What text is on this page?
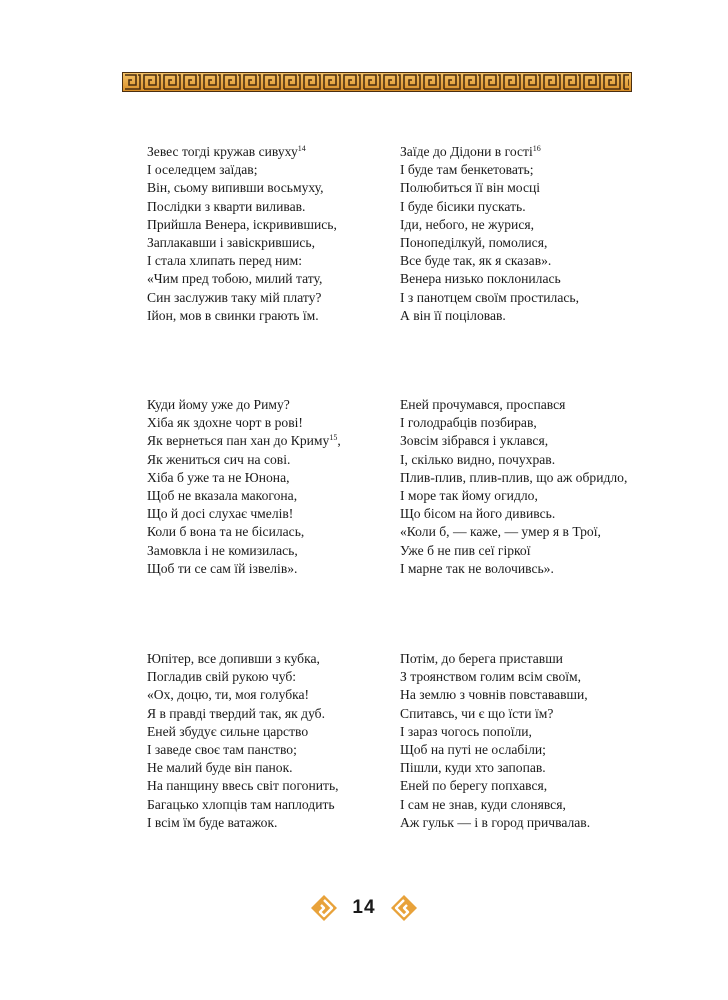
Зевес тогді кружав сивуху$^{14}$
І оселедцем заїдав;
Він, сьому випивши восьмуху,
Послідки з кварти виливав.
Прийшла Венера, іскривившись,
Заплакавши і завіскрившись,
І стала хлипать перед ним:
«Чим пред тобою, милий тату,
Син заслужив таку мій плату?
Ійон, мов в свинки грають їм.
Заїде до Дідони в гості$^{16}$
І буде там бенкетовать;
Полюбиться її він мосці
І буде бісики пускать.
Іди, небого, не журися,
Понопеділкуй, помолися,
Все буде так, як я сказав».
Венера низько поклонилась
І з панотцем своїм простилась,
А він її поціловав.
Куди йому уже до Риму?
Хіба як здохне чорт в рові!
Як вернеться пан хан до Криму$^{15}$,
Як жениться сич на сові.
Хіба б уже та не Юнона,
Щоб не вказала макогона,
Що й досі слухає чмелів!
Коли б вона та не бісилась,
Замовкла і не комизилась,
Щоб ти се сам їй ізвелів».
Еней прочумався, проспався
І голодрабців позбирав,
Зовсім зібрався і уклався,
І, скілько видно, почухрав.
Плив-плив, плив-плив, що аж обридло,
І море так йому огидло,
Що бісом на його дививсь.
«Коли б, — каже, — умер я в Трої,
Уже б не пив сеї гіркої
І марне так не волочивсь».
Юпітер, все допивши з кубка,
Погладив свій рукою чуб:
«Ох, доцю, ти, моя голубка!
Я в правді твердий так, як дуб.
Еней збудує сильне царство
І заведе своє там панство;
Не малий буде він панок.
На панщину ввесь світ погонить,
Багацько хлопців там наплодить
І всім їм буде ватажок.
Потім, до берега приставши
З троянством голим всім своїм,
На землю з човнів повстававши,
Спитавсь, чи є що їсти їм?
І зараз чогось попоїли,
Щоб на путі не ослабіли;
Пішли, куди хто запопав.
Еней по берегу попхався,
І сам не знав, куди слонявся,
Аж гульк — і в город причвалав.
14
